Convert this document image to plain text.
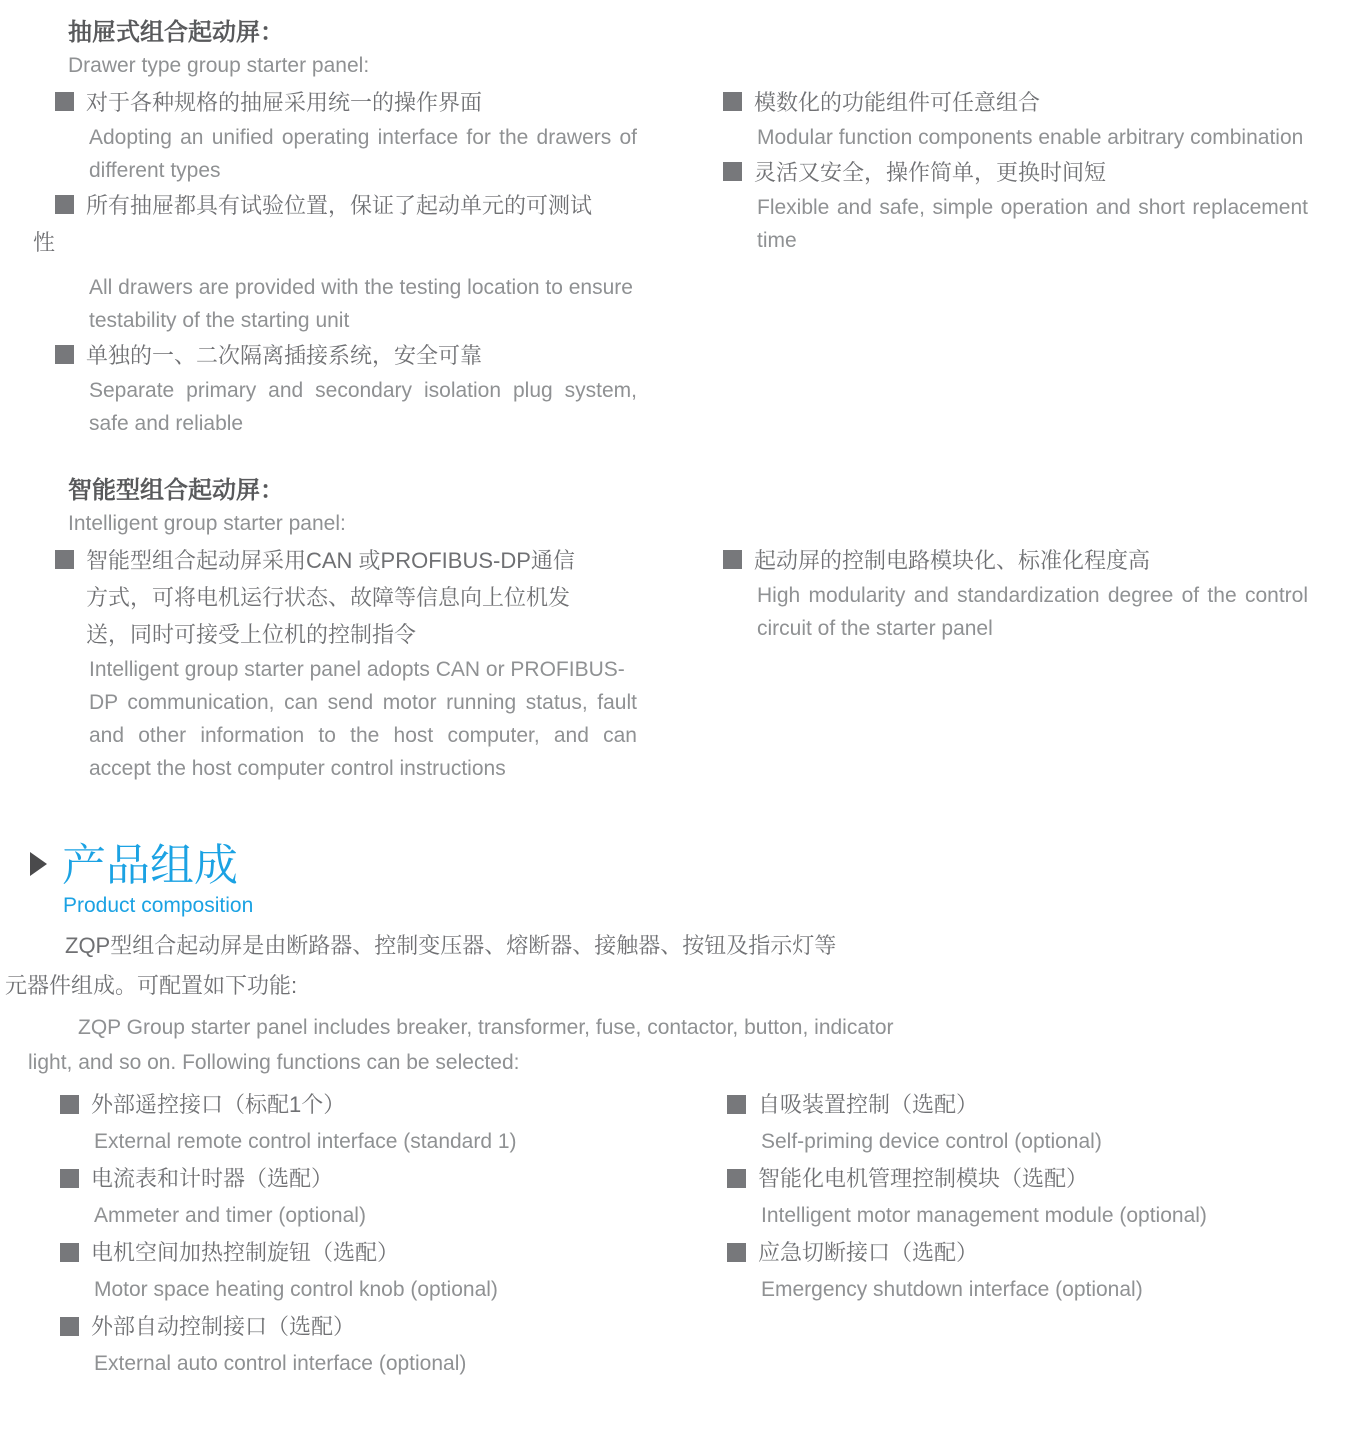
抽屉式组合起动屏：
Drawer type group starter panel:
对于各种规格的抽屉采用统一的操作界面
Adopting an unified operating interface for the drawers of
different types
所有抽屉都具有试验位置，保证了起动单元的可测试
性
All drawers are provided with the testing location to ensure
testability of the starting unit
单独的一、二次隔离插接系统，安全可靠
Separate primary and secondary isolation plug system,
safe and reliable
模数化的功能组件可任意组合
Modular function components enable arbitrary combination
灵活又安全，操作简单，更换时间短
Flexible and safe, simple operation and short replacement
time
智能型组合起动屏：
Intelligent group starter panel:
智能型组合起动屏采用CAN 或PROFIBUS-DP通信
方式，可将电机运行状态、故障等信息向上位机发
送，同时可接受上位机的控制指令
Intelligent group starter panel adopts CAN or PROFIBUS-
DP communication, can send motor running status, fault
and other information to the host computer, and can
accept the host computer control instructions
起动屏的控制电路模块化、标准化程度高
High modularity and standardization degree of the control
circuit of the starter panel
产品组成
Product composition
ZQP型组合起动屏是由断路器、控制变压器、熔断器、接触器、按钮及指示灯等
元器件组成。可配置如下功能:
ZQP Group starter panel includes breaker, transformer, fuse, contactor, button, indicator
light, and so on. Following functions can be selected:
外部遥控接口（标配1个）
External remote control interface (standard 1)
电流表和计时器（选配）
Ammeter and timer (optional)
电机空间加热控制旋钮（选配）
Motor space heating control knob (optional)
外部自动控制接口（选配）
External auto control interface (optional)
自吸装置控制（选配）
Self-priming device control (optional)
智能化电机管理控制模块（选配）
Intelligent motor management module (optional)
应急切断接口（选配）
Emergency shutdown interface (optional)
